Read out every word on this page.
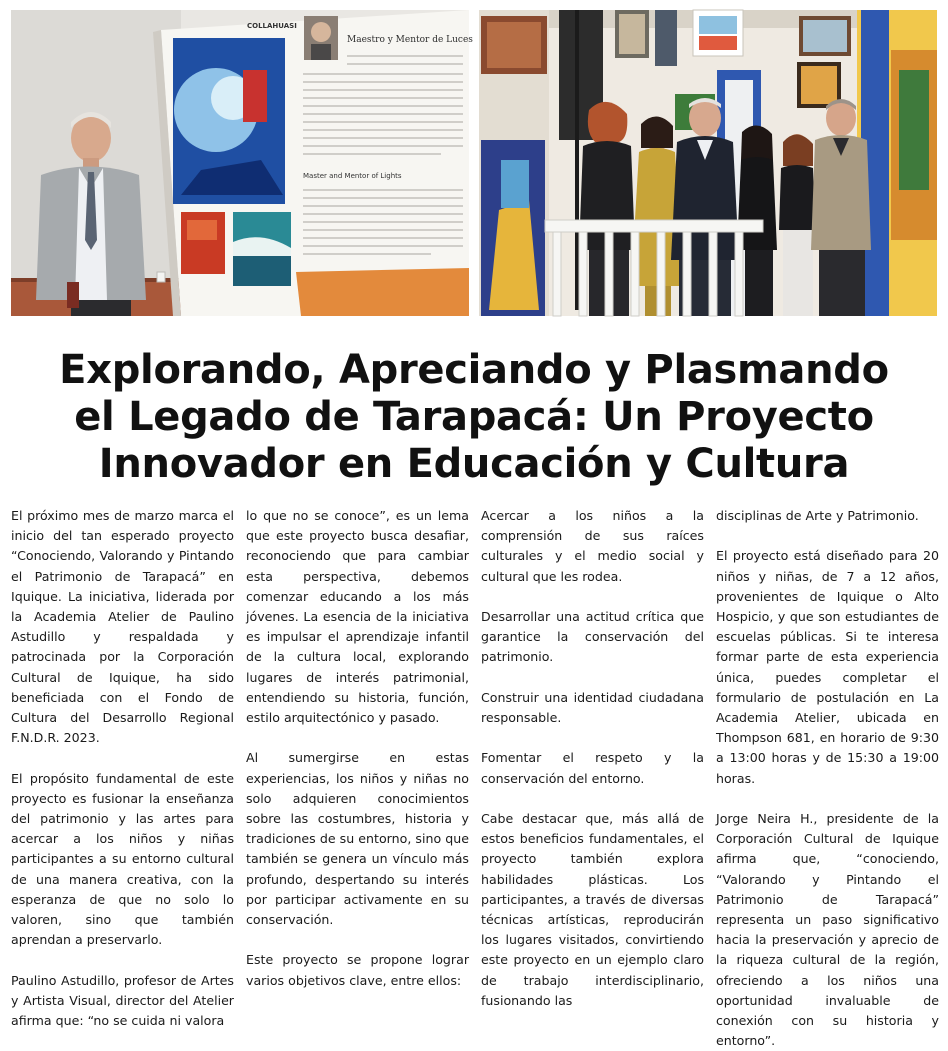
COLLAHUASI
Maestro y Mentor de Luces
Master and Mentor of Lights
Explorando, Apreciando y Plasmando
el Legado de Tarapacá: Un Proyecto
Innovador en Educación y Cultura

El próximo mes de marzo marca el inicio del tan esperado proyecto “Conociendo, Valorando y Pintando el Patrimonio de Tarapacá” en Iquique. La iniciativa, liderada por la Academia Atelier de Paulino Astudillo y respaldada y patrocinada por la Corporación Cultural de Iquique, ha sido beneficiada con el Fondo de Cultura del Desarrollo Regional F.N.D.R. 2023.

El propósito fundamental de este proyecto es fusionar la enseñanza del patrimonio y las artes para acercar a los niños y niñas participantes a su entorno cultural de una manera creativa, con la esperanza de que no solo lo valoren, sino que también aprendan a preservarlo.

Paulino Astudillo, profesor de Artes y Artista Visual, director del Atelier afirma que: “no se cuida ni valora

lo que no se conoce”, es un lema que este proyecto busca desafiar, reconociendo que para cambiar esta perspectiva, debemos comenzar educando a los más jóvenes. La esencia de la iniciativa es impulsar el aprendizaje infantil de la cultura local, explorando lugares de interés patrimonial, entendiendo su historia, función, estilo arquitectónico y pasado.

Al sumergirse en estas experiencias, los niños y niñas no solo adquieren conocimientos sobre las costumbres, historia y tradiciones de su entorno, sino que también se genera un vínculo más profundo, despertando su interés por participar activamente en su conservación.

Este proyecto se propone lograr varios objetivos clave, entre ellos:

Acercar a los niños a la comprensión de sus raíces culturales y el medio social y cultural que les rodea.

Desarrollar una actitud crítica que garantice la conservación del patrimonio.

Construir una identidad ciudadana responsable.

Fomentar el respeto y la conservación del entorno.

Cabe destacar que, más allá de estos beneficios fundamentales, el proyecto también explora habilidades plásticas. Los participantes, a través de diversas técnicas artísticas, reproducirán los lugares visitados, convirtiendo este proyecto en un ejemplo claro de trabajo interdisciplinario, fusionando las

disciplinas de Arte y Patrimonio.

El proyecto está diseñado para 20 niños y niñas, de 7 a 12 años, provenientes de Iquique o Alto Hospicio, y que son estudiantes de escuelas públicas. Si te interesa formar parte de esta experiencia única, puedes completar el formulario de postulación en La Academia Atelier, ubicada en Thompson 681, en horario de 9:30 a 13:00 horas y de 15:30 a 19:00 horas.

Jorge Neira H., presidente de la Corporación Cultural de Iquique afirma que, “conociendo, “Valorando y Pintando el Patrimonio de Tarapacá” representa un paso significativo hacia la preservación y aprecio de la riqueza cultural de la región, ofreciendo a los niños una oportunidad invaluable de conexión con su historia y entorno”.
